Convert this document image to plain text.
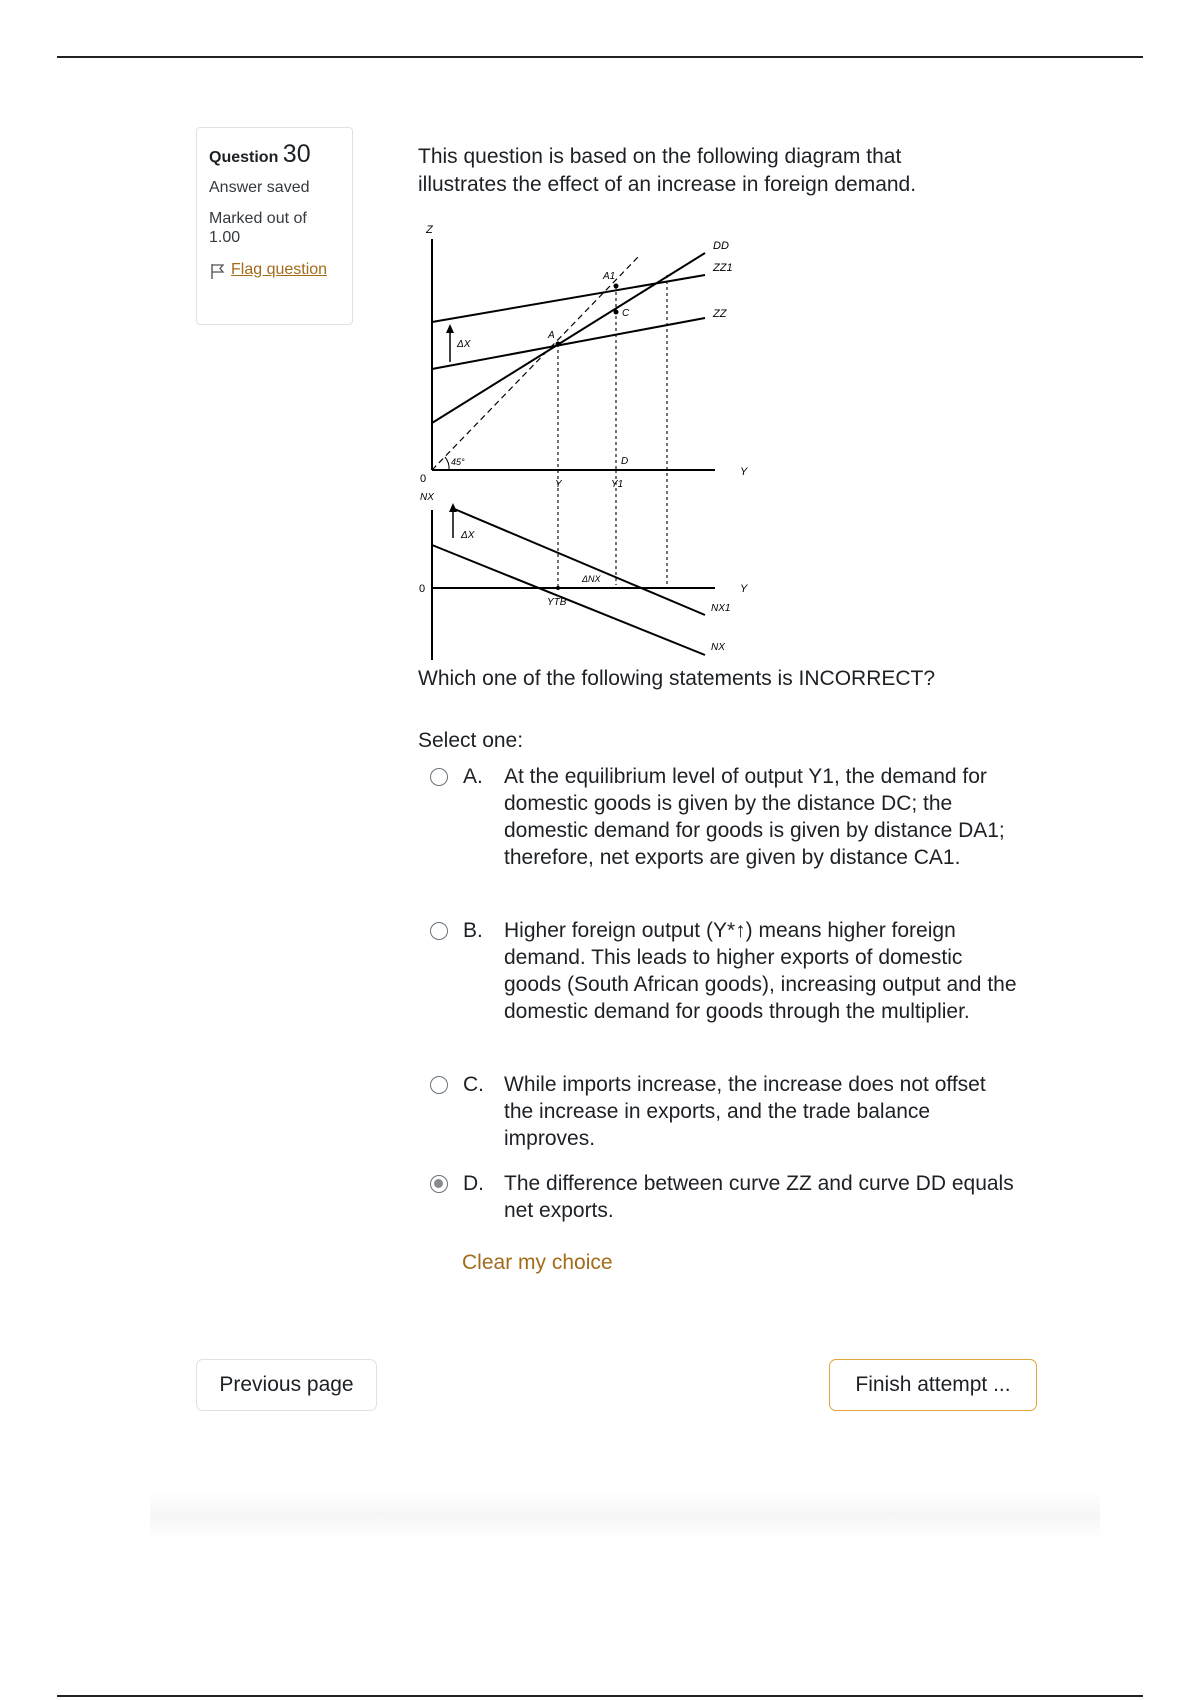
Question 30
Answer saved
Marked out of 1.00
Flag question
This question is based on the following diagram that illustrates the effect of an increase in foreign demand.
Z
DD
ZZ1
ZZ
A1
A
C
ΔX
45°	D
Y
0	Y	Y1
NX
ΔX
ΔNX
0	Y
YTB
NX1
NX
Which one of the following statements is INCORRECT?
Select one:
A. At the equilibrium level of output Y1, the demand for domestic goods is given by the distance DC; the domestic demand for goods is given by distance DA1; therefore, net exports are given by distance CA1.
B. Higher foreign output (Y*↑) means higher foreign demand. This leads to higher exports of domestic goods (South African goods), increasing output and the domestic demand for goods through the multiplier.
C. While imports increase, the increase does not offset the increase in exports, and the trade balance improves.
D. The difference between curve ZZ and curve DD equals net exports.
Clear my choice
Previous page	Finish attempt ...
